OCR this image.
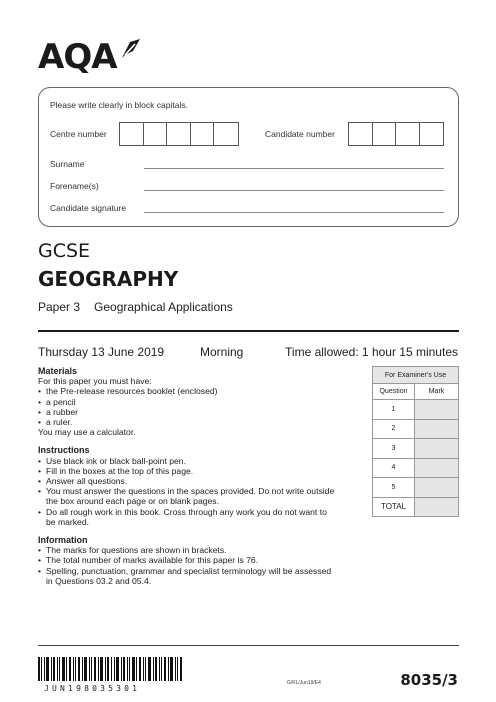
AQA
Please write clearly in block capitals.
Centre number	Candidate number
Surname
Forename(s)
Candidate signature
GCSE
GEOGRAPHY
Paper 3 Geographical Applications
Thursday 13 June 2019	Morning	Time allowed: 1 hour 15 minutes
Materials
For this paper you must have:
• the Pre-release resources booklet (enclosed)
• a pencil
• a rubber
• a ruler.
You may use a calculator.
Instructions
• Use black ink or black ball-point pen.
• Fill in the boxes at the top of this page.
• Answer all questions.
• You must answer the questions in the spaces provided. Do not write outside the box around each page or on blank pages.
• Do all rough work in this book. Cross through any work you do not want to be marked.
Information
• The marks for questions are shown in brackets.
• The total number of marks available for this paper is 76.
• Spelling, punctuation, grammar and specialist terminology will be assessed in Questions 03.2 and 05.4.
For Examiner's Use	
Question	Mark
1	
2	
3	
4	
5	
TOTAL	
JUN198035301
G/KL/Jun19/E4	8035/3
